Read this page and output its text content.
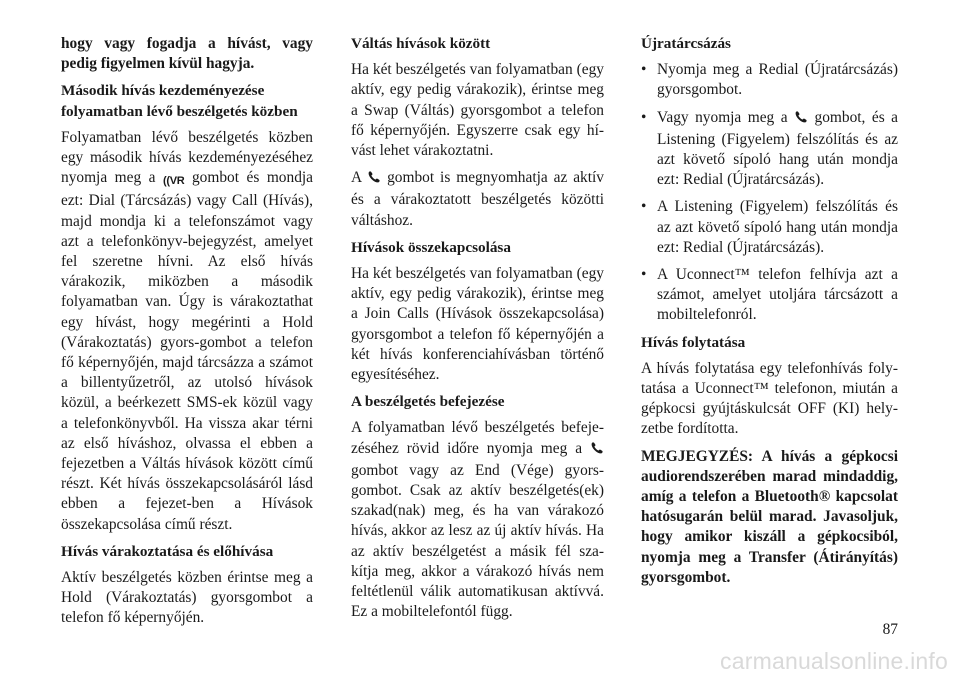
hogy vagy fogadja a hívást, vagy pedig figyelmen kívül hagyja.

Második hívás kezdeményezése folyamatban lévő beszélgetés közben

Folyamatban lévő beszélgetés közben egy második hívás kezdeményezéséhez nyomja meg a ((VR gombot és mondja ezt: Dial (Tárcsázás) vagy Call (Hívás), majd mondja ki a telefonszámot vagy azt a telefonkönyv-bejegyzést, amelyet fel szeretne hívni. Az első hívás várakozik, miközben a második folyamatban van. Úgy is várakoztathat egy hívást, hogy megérinti a Hold (Várakoztatás) gyors-gombot a telefon fő képernyőjén, majd tárcsázza a számot a billentyűzetről, az utolsó hívások közül, a beérkezett SMS-ek közül vagy a telefonkönyvből. Ha vissza akar térni az első híváshoz, olvassa el ebben a fejezetben a Váltás hívások között című részt. Két hívás összekapcsolásáról lásd ebben a fejezet-ben a Hívások összekapcsolása című részt.

Hívás várakoztatása és előhívása

Aktív beszélgetés közben érintse meg a Hold (Várakoztatás) gyorsgombot a telefon fő képernyőjén.

Váltás hívások között

Ha két beszélgetés van folyamatban (egy aktív, egy pedig várakozik), érintse meg a Swap (Váltás) gyorsgombot a telefon fő képernyőjén. Egyszerre csak egy hí-vást lehet várakoztatni.

A gombot is megnyomhatja az aktív és a várakoztatott beszélgetés közötti váltáshoz.

Hívások összekapcsolása

Ha két beszélgetés van folyamatban (egy aktív, egy pedig várakozik), érintse meg a Join Calls (Hívások összekapcsolása) gyorsgombot a telefon fő képernyőjén a két hívás konferenciahívásban történő egyesítéséhez.

A beszélgetés befejezése

A folyamatban lévő beszélgetés befeje-zéséhez rövid időre nyomja meg a  gombot vagy az End (Vége) gyors-gombot. Csak az aktív beszélgetés(ek) szakad(nak) meg, és ha van várakozó hívás, akkor az lesz az új aktív hívás. Ha az aktív beszélgetést a másik fél sza-kítja meg, akkor a várakozó hívás nem feltétlenül válik automatikusan aktívvá. Ez a mobiltelefontól függ.

Újratárcsázás
• Nyomja meg a Redial (Újratárcsázás) gyorsgombot.
• Vagy nyomja meg a gombot, és a Listening (Figyelem) felszólítás és az azt követő sípoló hang után mondja ezt: Redial (Újratárcsázás).
• A Listening (Figyelem) felszólítás és az azt követő sípoló hang után mondja ezt: Redial (Újratárcsázás).
• A Uconnect™ telefon felhívja azt a számot, amelyet utoljára tárcsázott a mobiltelefonról.
Hívás folytatása

A hívás folytatása egy telefonhívás foly-tatása a Uconnect™ telefonon, miután a gépkocsi gyújtáskulcsát OFF (KI) hely-zetbe fordította.

MEGJEGYZÉS: A hívás a gépkocsi audiorendszerében marad mindaddig, amíg a telefon a Bluetooth® kapcsolat hatósugarán belül marad. Javasoljuk, hogy amikor kiszáll a gépkocsiból, nyomja meg a Transfer (Átirányítás) gyorsgombot.

87
carmanualsonline.info
